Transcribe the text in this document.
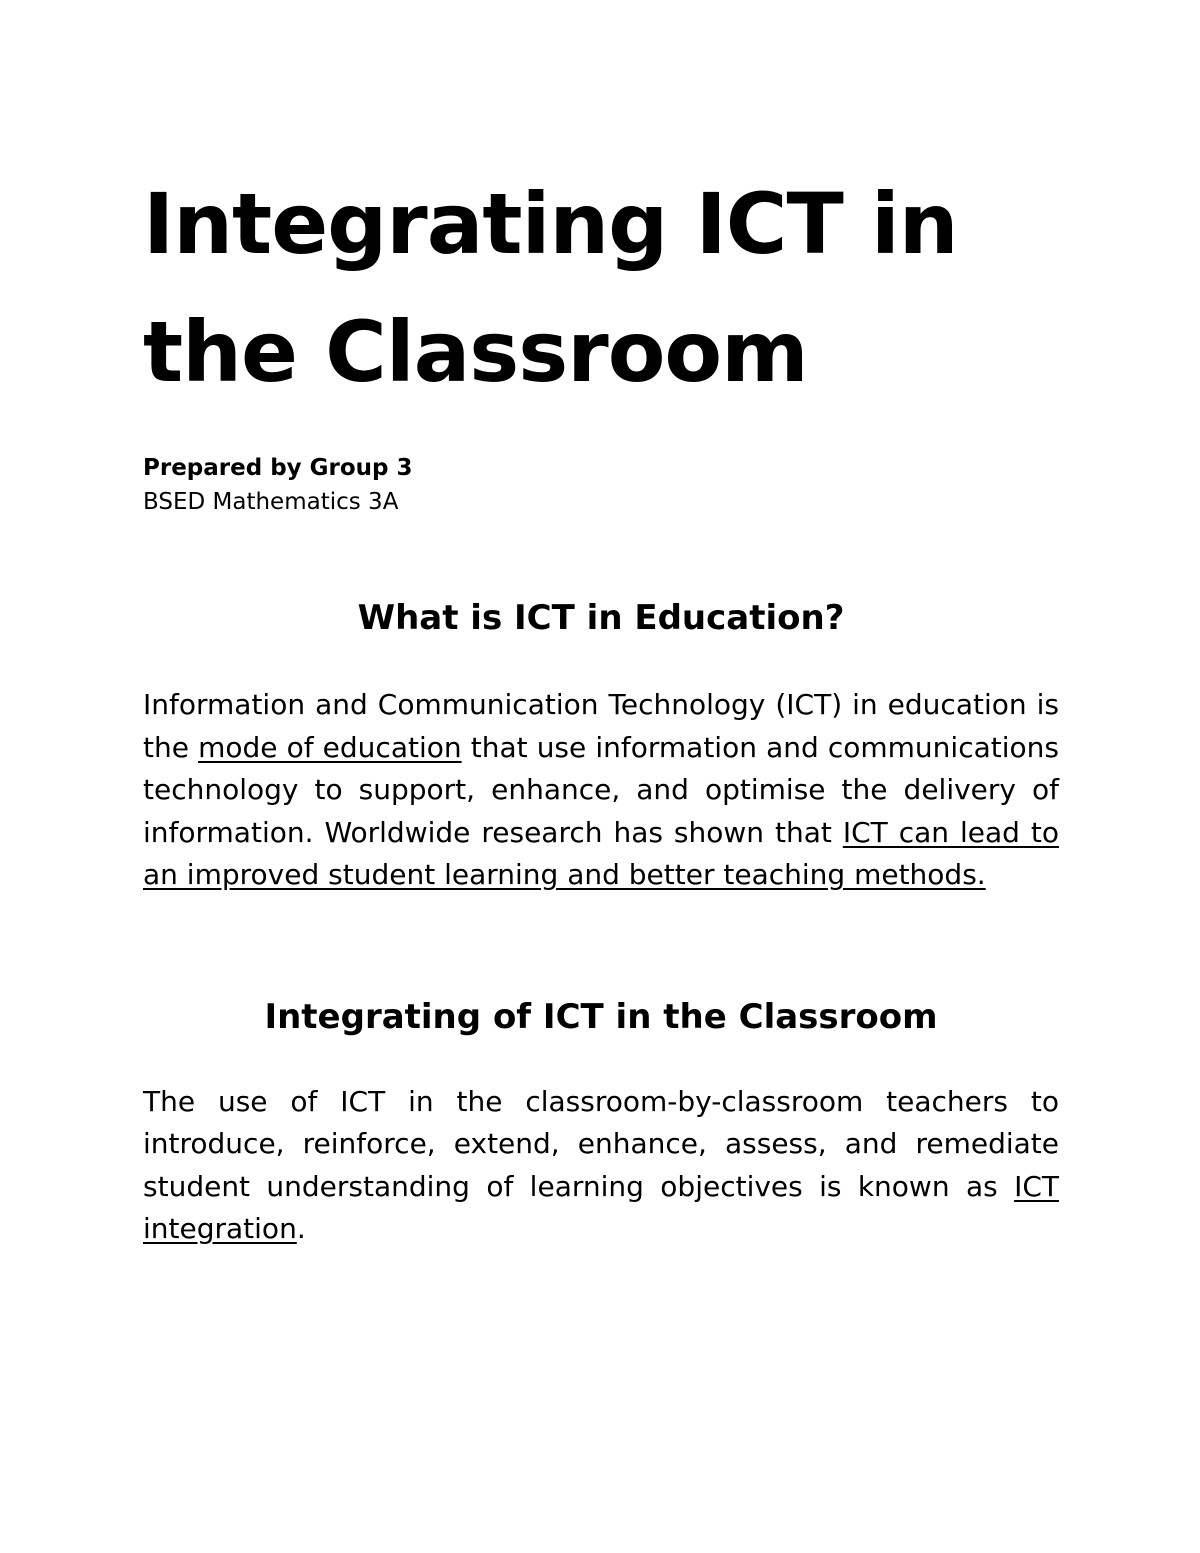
Integrating ICT in
the Classroom
Prepared by Group 3
BSED Mathematics 3A
What is ICT in Education?

Information and Communication Technology (ICT) in education is the mode of education that use information and communications technology to support, enhance, and optimise the delivery of information. Worldwide research has shown that ICT can lead to an improved student learning and better teaching methods.

Integrating of ICT in the Classroom

The use of ICT in the classroom-by-classroom teachers to introduce, reinforce, extend, enhance, assess, and remediate student understanding of learning objectives is known as ICT integration.
